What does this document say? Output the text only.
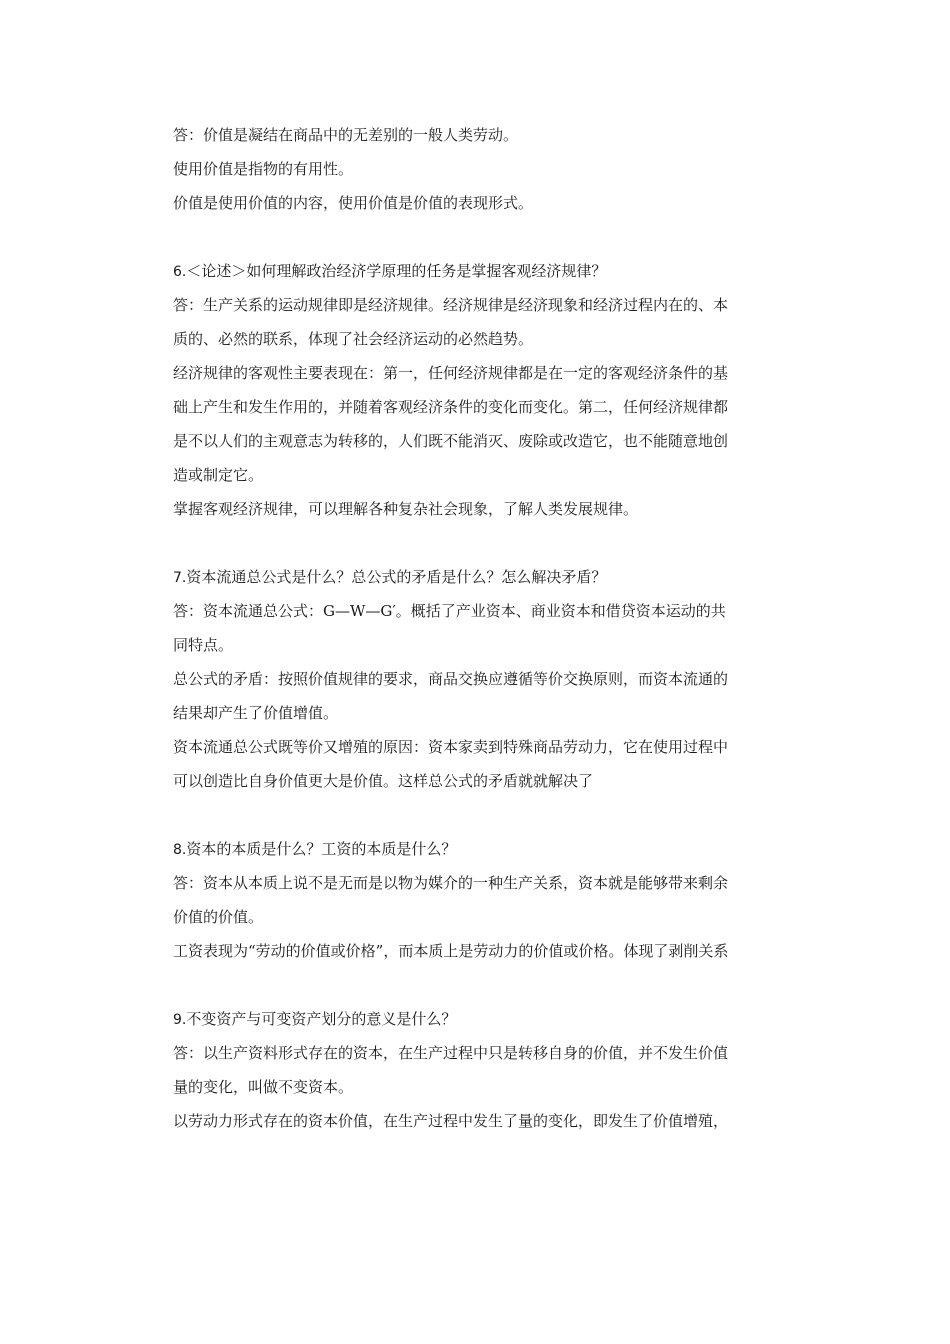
答：价值是凝结在商品中的无差别的一般人类劳动。

使用价值是指物的有用性。

价值是使用价值的内容，使用价值是价值的表现形式。

6.＜论述＞如何理解政治经济学原理的任务是掌握客观经济规律？

答：生产关系的运动规律即是经济规律。经济规律是经济现象和经济过程内在的、本

质的、必然的联系，体现了社会经济运动的必然趋势。

经济规律的客观性主要表现在：第一，任何经济规律都是在一定的客观经济条件的基

础上产生和发生作用的，并随着客观经济条件的变化而变化。第二，任何经济规律都

是不以人们的主观意志为转移的，人们既不能消灭、废除或改造它，也不能随意地创

造或制定它。

掌握客观经济规律，可以理解各种复杂社会现象，了解人类发展规律。

7.资本流通总公式是什么？总公式的矛盾是什么？怎么解决矛盾？

答：资本流通总公式：G—W—G′。概括了产业资本、商业资本和借贷资本运动的共

同特点。

总公式的矛盾：按照价值规律的要求，商品交换应遵循等价交换原则，而资本流通的

结果却产生了价值增值。

资本流通总公式既等价又增殖的原因：资本家卖到特殊商品劳动力，它在使用过程中

可以创造比自身价值更大是价值。这样总公式的矛盾就就解决了

8.资本的本质是什么？工资的本质是什么？

答：资本从本质上说不是无而是以物为媒介的一种生产关系，资本就是能够带来剩余

价值的价值。

工资表现为“劳动的价值或价格”，而本质上是劳动力的价值或价格。体现了剥削关系

9.不变资产与可变资产划分的意义是什么？

答：以生产资料形式存在的资本，在生产过程中只是转移自身的价值，并不发生价值

量的变化，叫做不变资本。

以劳动力形式存在的资本价值，在生产过程中发生了量的变化，即发生了价值增殖，
